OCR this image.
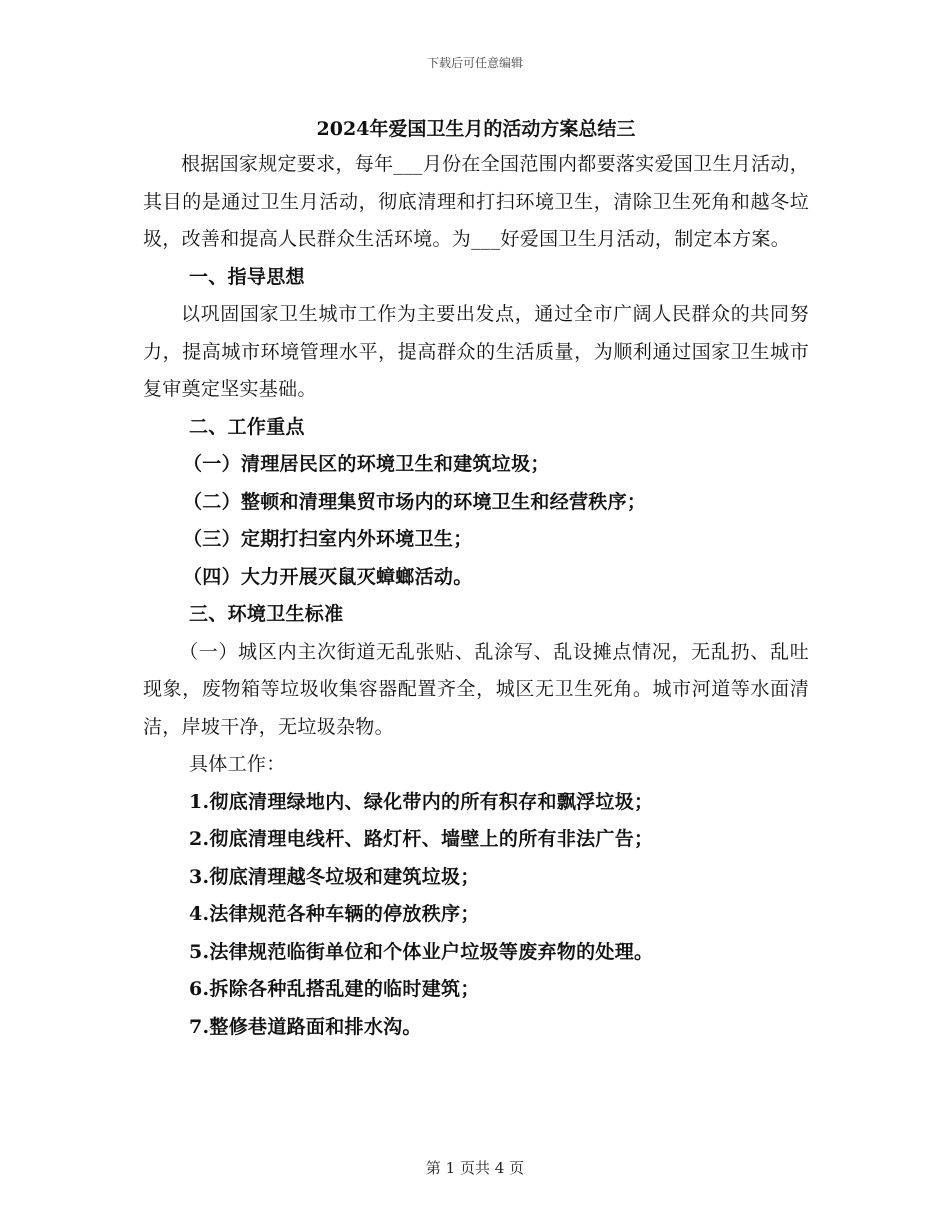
下载后可任意编辑
2024年爱国卫生月的活动方案总结三

根据国家规定要求，每年___月份在全国范围内都要落实爱国卫生月活动，其目的是通过卫生月活动，彻底清理和打扫环境卫生，清除卫生死角和越冬垃圾，改善和提高人民群众生活环境。为___好爱国卫生月活动，制定本方案。

一、指导思想

以巩固国家卫生城市工作为主要出发点，通过全市广阔人民群众的共同努力，提高城市环境管理水平，提高群众的生活质量，为顺利通过国家卫生城市复审奠定坚实基础。

二、工作重点

（一）清理居民区的环境卫生和建筑垃圾；

（二）整顿和清理集贸市场内的环境卫生和经营秩序；

（三）定期打扫室内外环境卫生；

（四）大力开展灭鼠灭蟑螂活动。

三、环境卫生标准

（一）城区内主次街道无乱张贴、乱涂写、乱设摊点情况，无乱扔、乱吐现象，废物箱等垃圾收集容器配置齐全，城区无卫生死角。城市河道等水面清洁，岸坡干净，无垃圾杂物。

具体工作：

1.彻底清理绿地内、绿化带内的所有积存和飘浮垃圾；

2.彻底清理电线杆、路灯杆、墙壁上的所有非法广告；

3.彻底清理越冬垃圾和建筑垃圾；

4.法律规范各种车辆的停放秩序；

5.法律规范临街单位和个体业户垃圾等废弃物的处理。

6.拆除各种乱搭乱建的临时建筑；

7.整修巷道路面和排水沟。

第 1 页共 4 页
